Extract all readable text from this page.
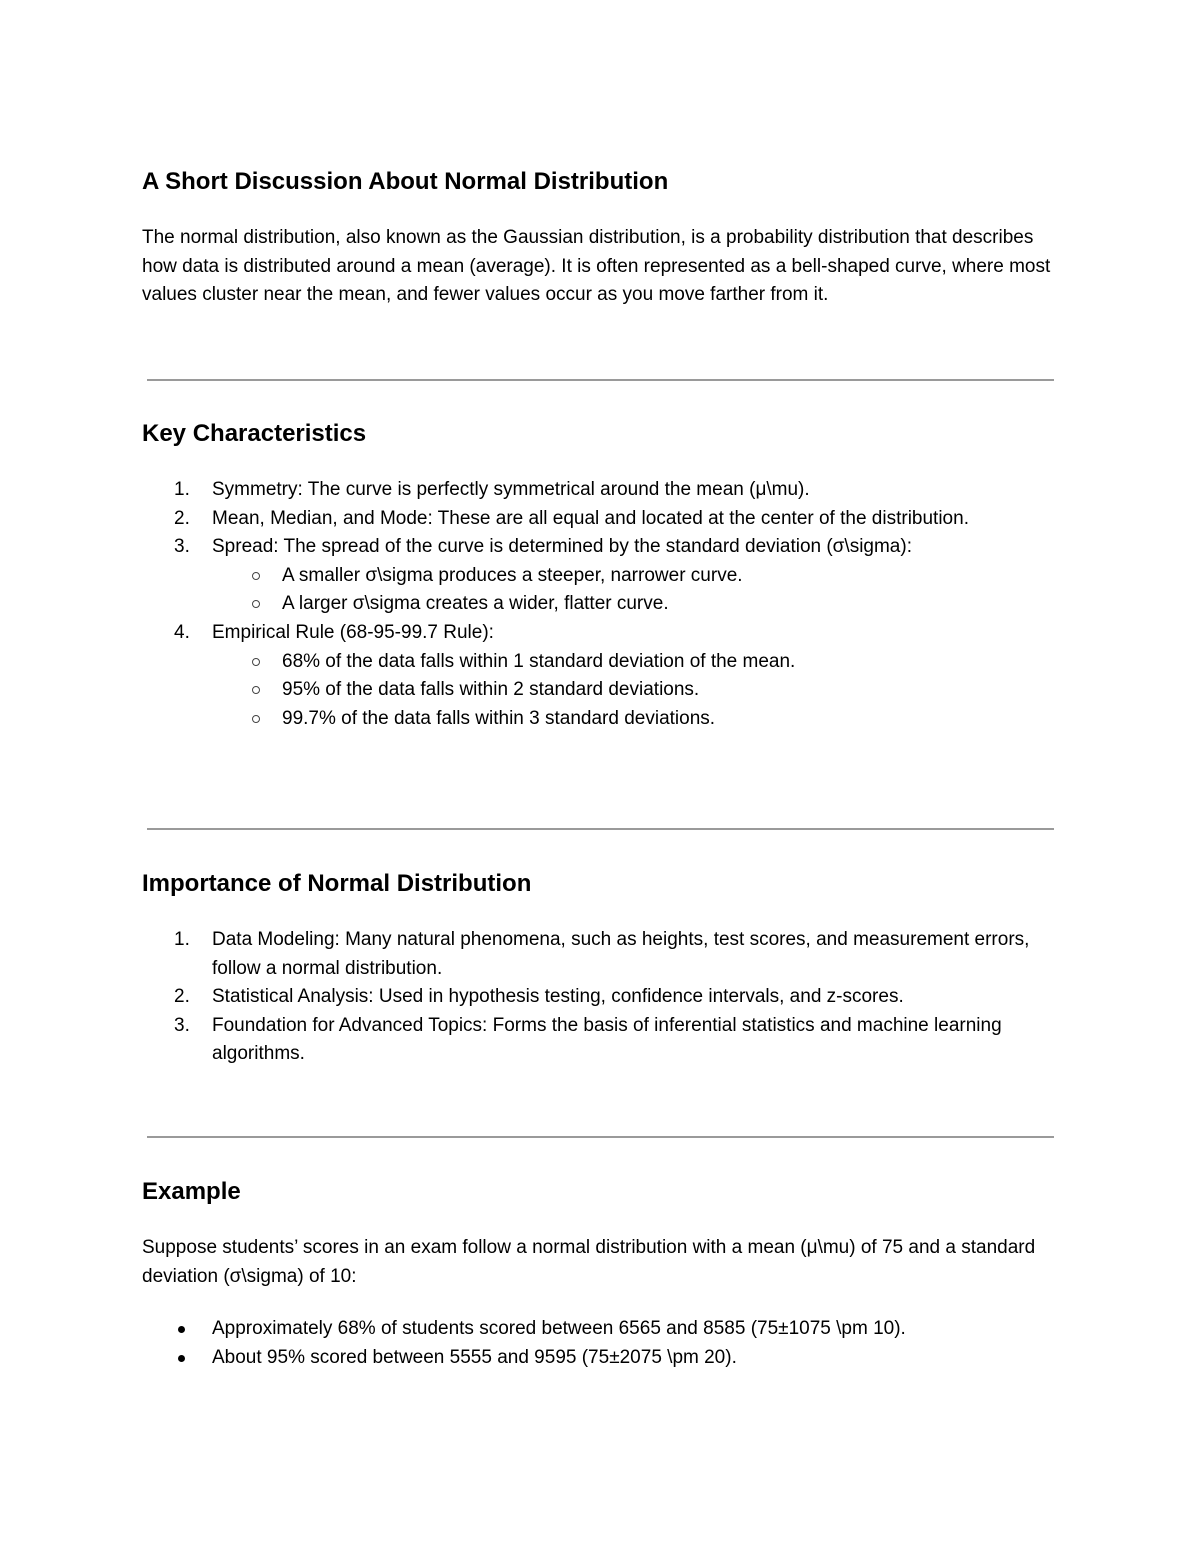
A Short Discussion About Normal Distribution

The normal distribution, also known as the Gaussian distribution, is a probability distribution that describes how data is distributed around a mean (average). It is often represented as a bell-shaped curve, where most values cluster near the mean, and fewer values occur as you move farther from it.

Key Characteristics
1. Symmetry: The curve is perfectly symmetrical around the mean (μ\mu).
2. Mean, Median, and Mode: These are all equal and located at the center of the distribution.
3. Spread: The spread of the curve is determined by the standard deviation (σ\sigma):
A smaller σ\sigma produces a steeper, narrower curve.
A larger σ\sigma creates a wider, flatter curve.
4. Empirical Rule (68-95-99.7 Rule):
68% of the data falls within 1 standard deviation of the mean.
95% of the data falls within 2 standard deviations.
99.7% of the data falls within 3 standard deviations.
Importance of Normal Distribution
1. Data Modeling: Many natural phenomena, such as heights, test scores, and measurement errors, follow a normal distribution.
2. Statistical Analysis: Used in hypothesis testing, confidence intervals, and z-scores.
3. Foundation for Advanced Topics: Forms the basis of inferential statistics and machine learning algorithms.
Example

Suppose students’ scores in an exam follow a normal distribution with a mean (μ\mu) of 75 and a standard deviation (σ\sigma) of 10:

Approximately 68% of students scored between 6565 and 8585 (75±1075 \pm 10).
About 95% scored between 5555 and 9595 (75±2075 \pm 20).
